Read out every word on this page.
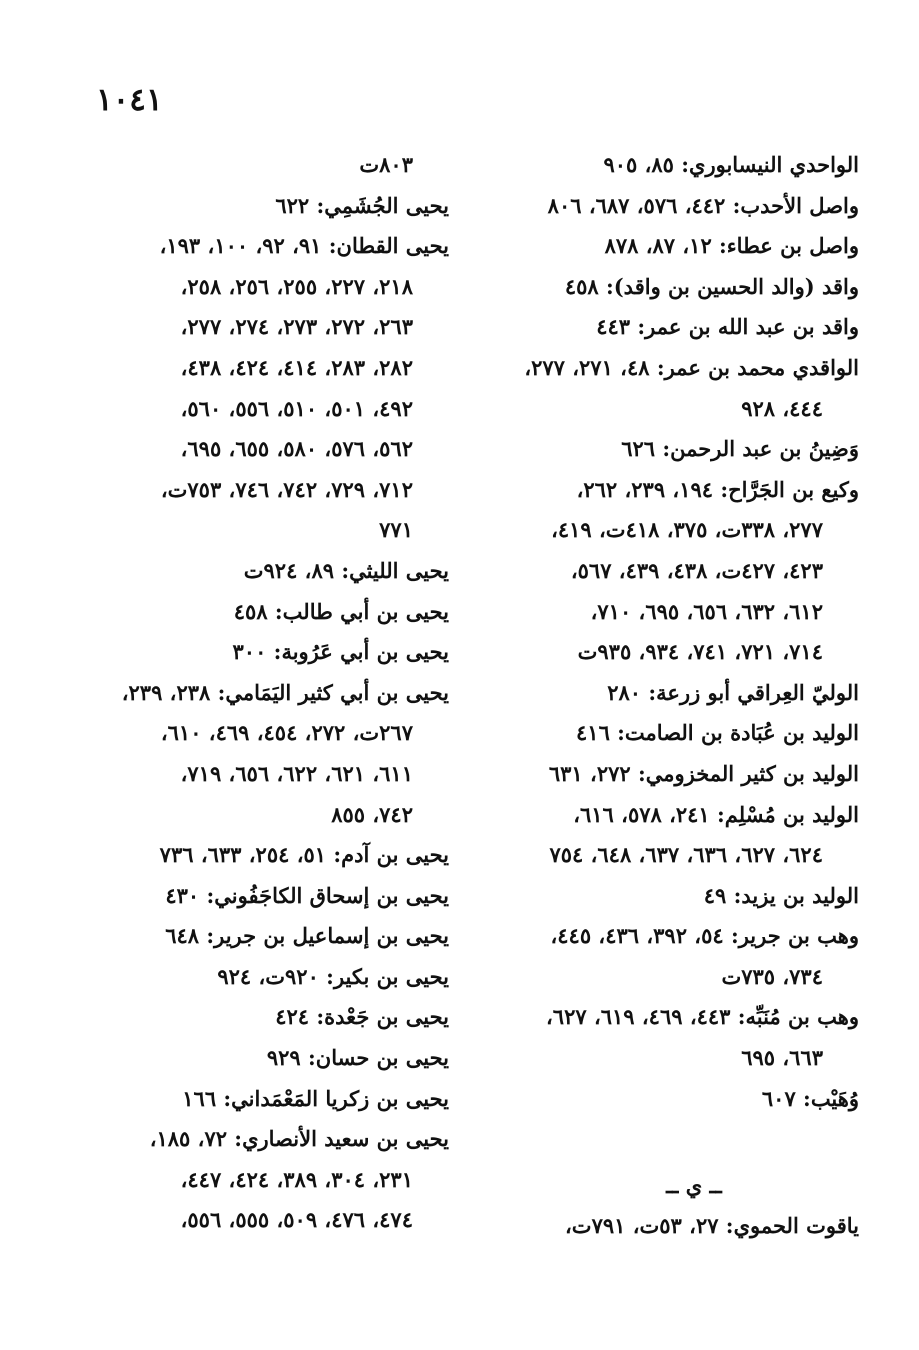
١٠٤١
الواحدي النيسابوري: ٨٥، ٩٠٥
واصل الأحدب: ٤٤٢، ٥٧٦، ٦٨٧، ٨٠٦
واصل بن عطاء: ١٢، ٨٧، ٨٧٨
واقد (والد الحسين بن واقد): ٤٥٨
واقد بن عبد الله بن عمر: ٤٤٣
الواقدي محمد بن عمر: ٤٨، ٢٧١، ٢٧٧،
٤٤٤، ٩٢٨
وَضِينُ بن عبد الرحمن: ٦٢٦
وكيع بن الجَرَّاح: ١٩٤، ٢٣٩، ٢٦٢،
٢٧٧، ٣٣٨ت، ٣٧٥، ٤١٨ت، ٤١٩،
٤٢٣، ٤٢٧ت، ٤٣٨، ٤٣٩، ٥٦٧،
٦١٢، ٦٣٢، ٦٥٦، ٦٩٥، ٧١٠،
٧١٤، ٧٢١، ٧٤١، ٩٣٤، ٩٣٥ت
الوليّ العِراقي أبو زرعة: ٢٨٠
الوليد بن عُبَادة بن الصامت: ٤١٦
الوليد بن كثير المخزومي: ٢٧٢، ٦٣١
الوليد بن مُسْلِم: ٢٤١، ٥٧٨، ٦١٦،
٦٢٤، ٦٢٧، ٦٣٦، ٦٣٧، ٦٤٨، ٧٥٤
الوليد بن يزيد: ٤٩
وهب بن جرير: ٥٤، ٣٩٢، ٤٣٦، ٤٤٥،
٧٣٤، ٧٣٥ت
وهب بن مُنَبِّه: ٤٤٣، ٤٦٩، ٦١٩، ٦٢٧،
٦٦٣، ٦٩٥
وُهَيْب: ٦٠٧
ــ ي ــ
ياقوت الحموي: ٢٧، ٥٣ت، ٧٩١ت،
٨٠٣ت
يحيى الجُشَمِي: ٦٢٢
يحيى القطان: ٩١، ٩٢، ١٠٠، ١٩٣،
٢١٨، ٢٢٧، ٢٥٥، ٢٥٦، ٢٥٨،
٢٦٣، ٢٧٢، ٢٧٣، ٢٧٤، ٢٧٧،
٢٨٢، ٢٨٣، ٤١٤، ٤٢٤، ٤٣٨،
٤٩٢، ٥٠١، ٥١٠، ٥٥٦، ٥٦٠،
٥٦٢، ٥٧٦، ٥٨٠، ٦٥٥، ٦٩٥،
٧١٢، ٧٢٩، ٧٤٢، ٧٤٦، ٧٥٣ت،
٧٧١
يحيى الليثي: ٨٩، ٩٢٤ت
يحيى بن أبي طالب: ٤٥٨
يحيى بن أبي عَرُوبة: ٣٠٠
يحيى بن أبي كثير اليَمَامي: ٢٣٨، ٢٣٩،
٢٦٧ت، ٢٧٢، ٤٥٤، ٤٦٩، ٦١٠،
٦١١، ٦٢١، ٦٢٢، ٦٥٦، ٧١٩،
٧٤٢، ٨٥٥
يحيى بن آدم: ٥١، ٢٥٤، ٦٣٣، ٧٣٦
يحيى بن إسحاق الكاجَفُوني: ٤٣٠
يحيى بن إسماعيل بن جرير: ٦٤٨
يحيى بن بكير: ٩٢٠ت، ٩٢٤
يحيى بن جَعْدة: ٤٢٤
يحيى بن حسان: ٩٢٩
يحيى بن زكريا المَعْمَداني: ١٦٦
يحيى بن سعيد الأنصاري: ٧٢، ١٨٥،
٢٣١، ٣٠٤، ٣٨٩، ٤٢٤، ٤٤٧،
٤٧٤، ٤٧٦، ٥٠٩، ٥٥٥، ٥٥٦،
